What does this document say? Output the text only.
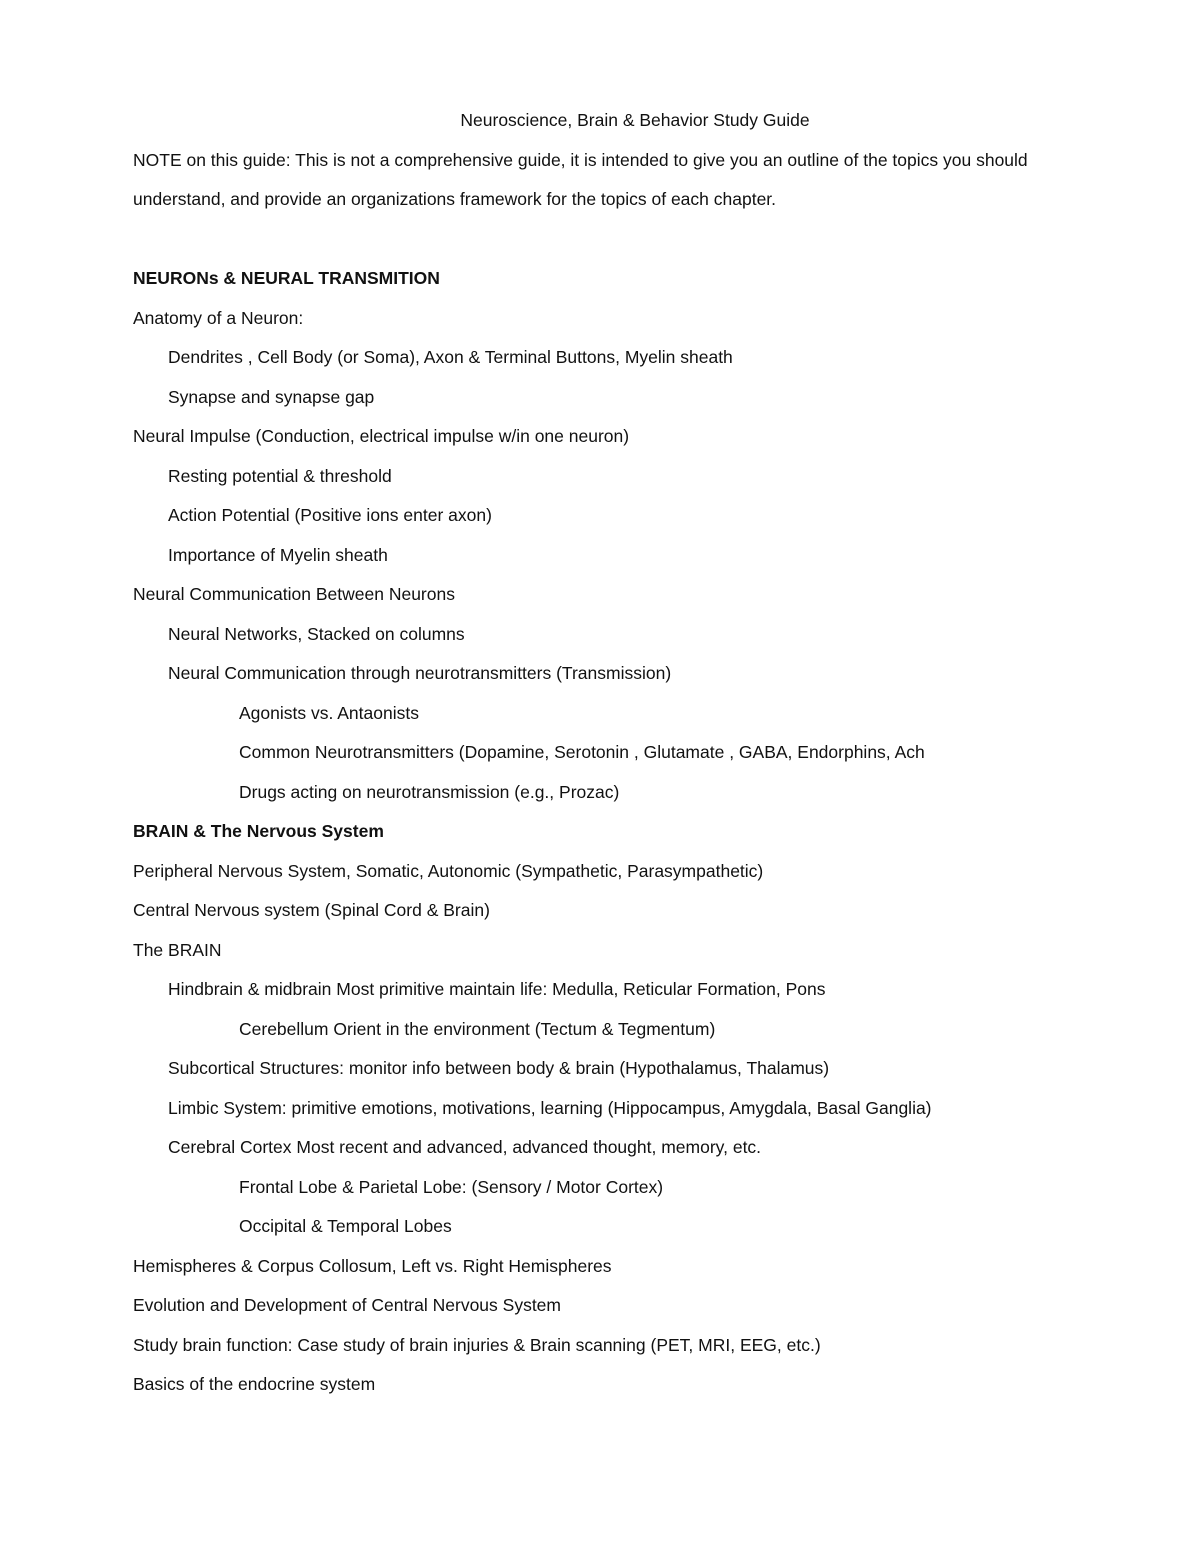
Neuroscience, Brain & Behavior Study Guide
NOTE on this guide: This is not a comprehensive guide, it is intended to give you an outline of the topics you should
understand, and provide an organizations framework for the topics of each chapter.
NEURONs & NEURAL TRANSMITION
Anatomy of a Neuron:
Dendrites , Cell Body (or Soma), Axon & Terminal Buttons, Myelin sheath
Synapse and synapse gap
Neural Impulse (Conduction, electrical impulse w/in one neuron)
Resting potential & threshold
Action Potential (Positive ions enter axon)
Importance of Myelin sheath
Neural Communication Between Neurons
Neural Networks, Stacked on columns
Neural Communication through neurotransmitters (Transmission)
Agonists vs. Antaonists
Common Neurotransmitters (Dopamine, Serotonin , Glutamate , GABA, Endorphins, Ach
Drugs acting on neurotransmission (e.g., Prozac)
BRAIN & The Nervous System
Peripheral Nervous System, Somatic, Autonomic (Sympathetic, Parasympathetic)
Central Nervous system (Spinal Cord & Brain)
The BRAIN
Hindbrain & midbrain Most primitive maintain life: Medulla, Reticular Formation, Pons
Cerebellum Orient in the environment (Tectum & Tegmentum)
Subcortical Structures: monitor info between body & brain (Hypothalamus, Thalamus)
Limbic System: primitive emotions, motivations, learning (Hippocampus, Amygdala, Basal Ganglia)
Cerebral Cortex Most recent and advanced, advanced thought, memory, etc.
Frontal Lobe & Parietal Lobe: (Sensory / Motor Cortex)
Occipital & Temporal Lobes
Hemispheres & Corpus Collosum, Left vs. Right Hemispheres
Evolution and Development of Central Nervous System
Study brain function: Case study of brain injuries & Brain scanning (PET, MRI, EEG, etc.)
Basics of the endocrine system
